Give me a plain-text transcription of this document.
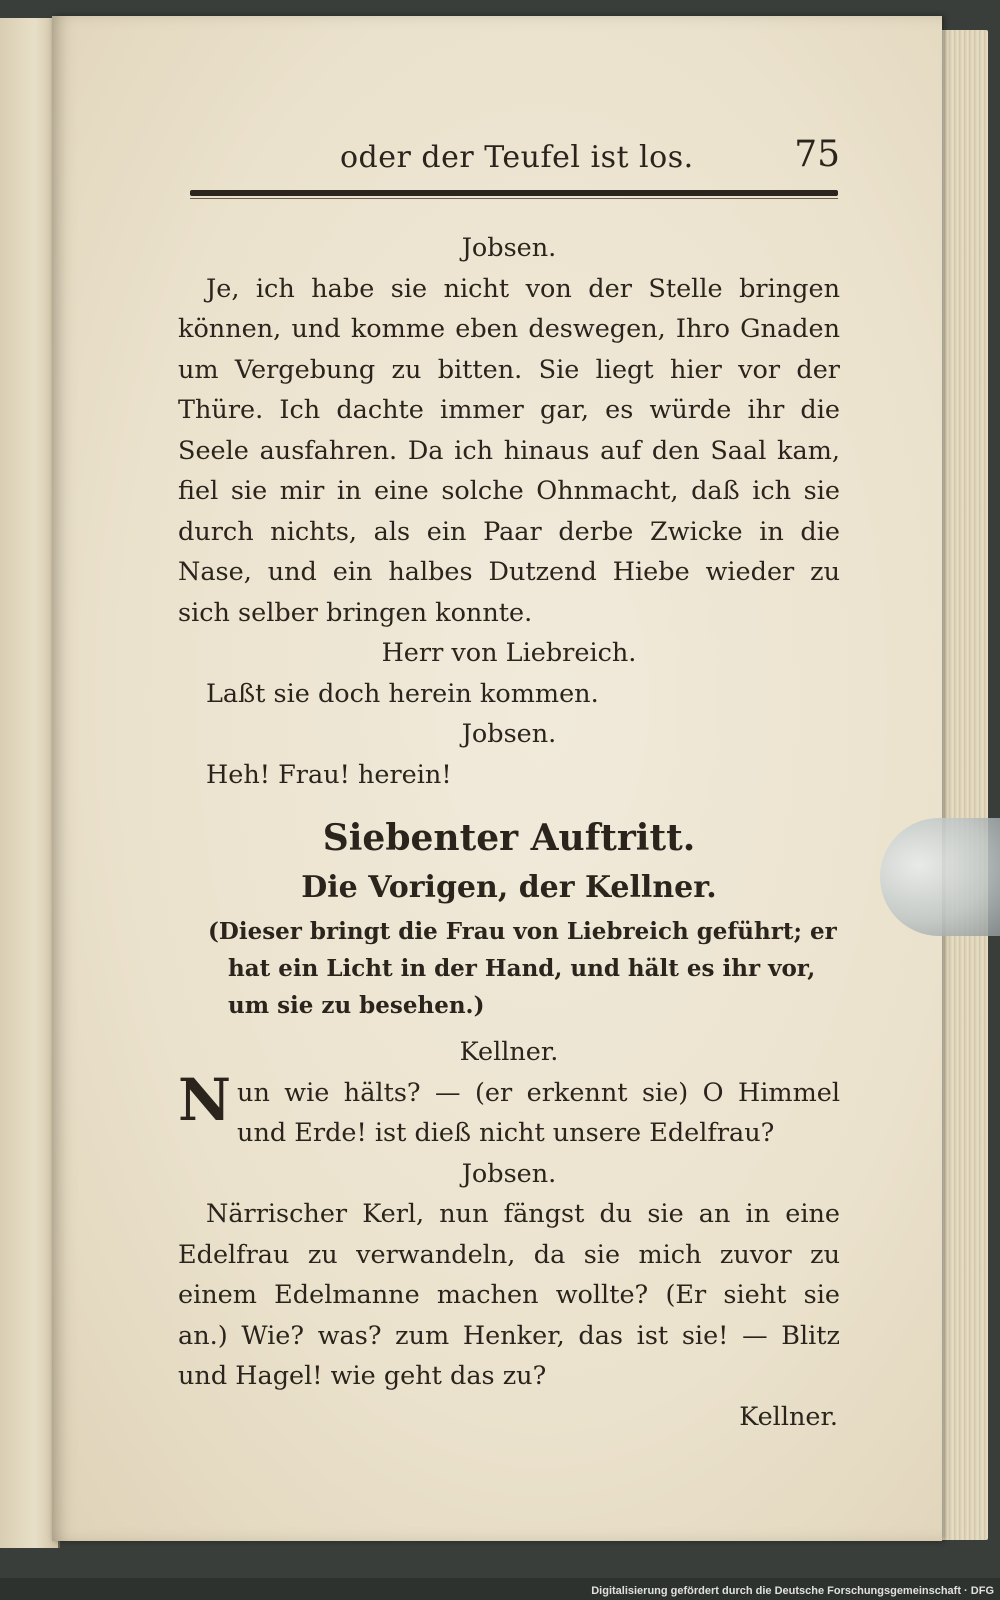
oder der Teufel ist los.	75

Jobsen.

Je, ich habe sie nicht von der Stelle bringen können, und komme eben deswegen, Ihro Gnaden um Vergebung zu bitten. Sie liegt hier vor der Thüre. Ich dachte immer gar, es würde ihr die Seele ausfahren. Da ich hinaus auf den Saal kam, fiel sie mir in eine solche Ohnmacht, daß ich sie durch nichts, als ein Paar derbe Zwicke in die Nase, und ein halbes Dutzend Hiebe wieder zu sich selber bringen konnte.

Herr von Liebreich.

Laßt sie doch herein kommen.

Jobsen.

Heh! Frau! herein!

Siebenter Auftritt.

Die Vorigen, der Kellner.

(Dieser bringt die Frau von Liebreich geführt; er hat ein Licht in der Hand, und hält es ihr vor, um sie zu besehen.)

Kellner.

Nun wie hälts? — (er erkennt sie) O Himmel und Erde! ist dieß nicht unsere Edelfrau?

Jobsen.

Närrischer Kerl, nun fängst du sie an in eine Edelfrau zu verwandeln, da sie mich zuvor zu einem Edelmanne machen wollte? (Er sieht sie an.) Wie? was? zum Henker, das ist sie! — Blitz und Hagel! wie geht das zu?

Kellner.

Digitalisierung gefördert durch die Deutsche Forschungsgemeinschaft · DFG
